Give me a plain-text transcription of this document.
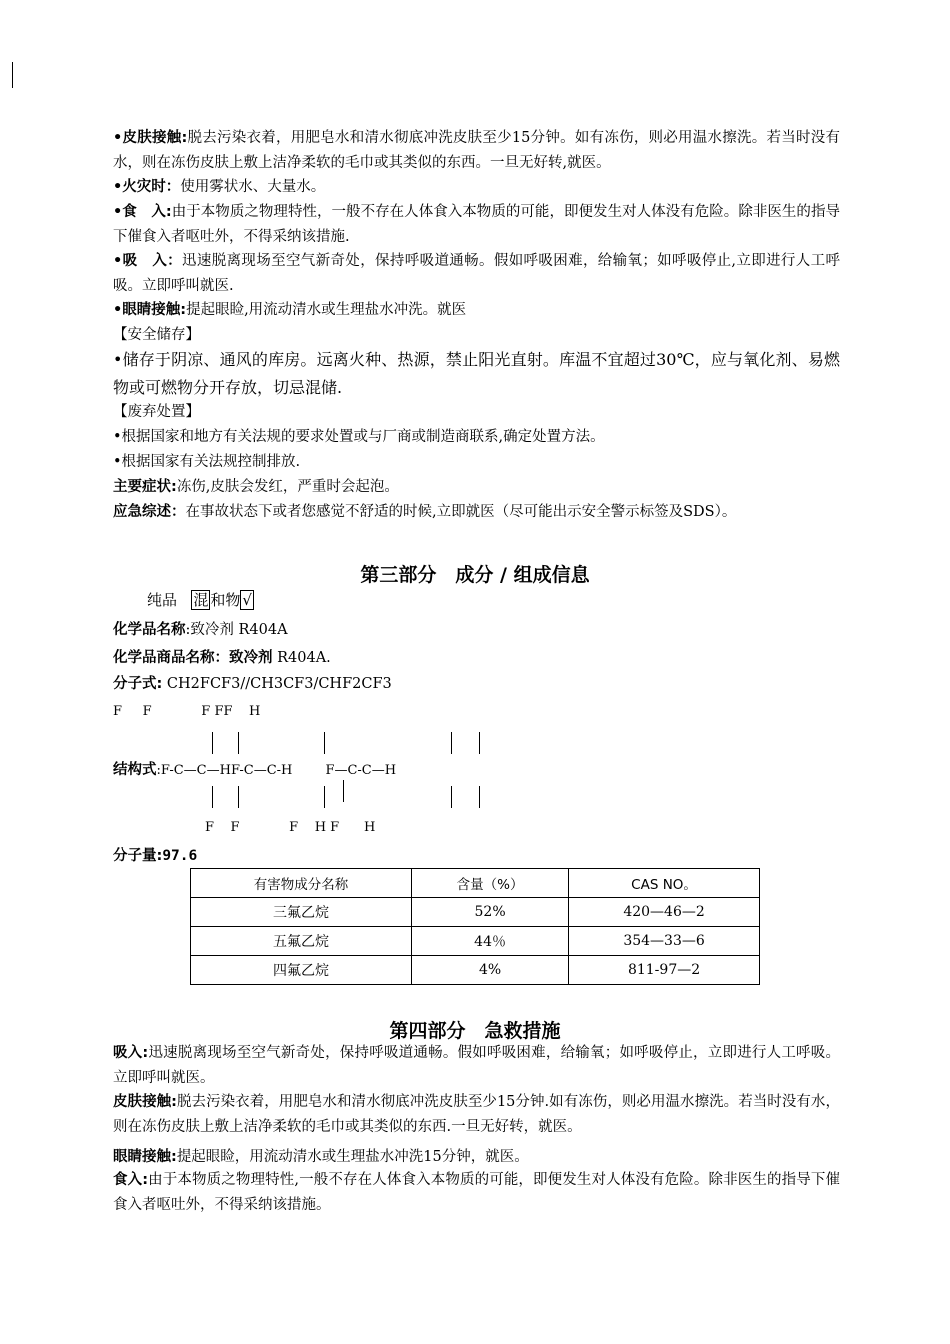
•皮肤接触:脱去污染衣着，用肥皂水和清水彻底冲洗皮肤至少15分钟。如有冻伤，则必用温水擦洗。若当时没有水，则在冻伤皮肤上敷上洁净柔软的毛巾或其类似的东西。一旦无好转,就医。
•火灾时：使用雾状水、大量水。
•食　入:由于本物质之物理特性，一般不存在人体食入本物质的可能，即便发生对人体没有危险。除非医生的指导下催食入者呕吐外，不得采纳该措施.
•吸　入：迅速脱离现场至空气新奇处，保持呼吸道通畅。假如呼吸困难，给输氧；如呼吸停止,立即进行人工呼吸。立即呼叫就医.
•眼睛接触:提起眼睑,用流动清水或生理盐水冲洗。就医
【安全储存】
•储存于阴凉、通风的库房。远离火种、热源，禁止阳光直射。库温不宜超过30℃，应与氧化剂、易燃物或可燃物分开存放，切忌混储.
【废弃处置】
•根据国家和地方有关法规的要求处置或与厂商或制造商联系,确定处置方法。
•根据国家有关法规控制排放.
主要症状:冻伤,皮肤会发红，严重时会起泡。
应急综述：在事故状态下或者您感觉不舒适的时候,立即就医（尽可能出示安全警示标签及SDS）。
第三部分　成分 / 组成信息
纯品 混 和物 √
化学品名称:致冷剂 R404A
化学品商品名称：致冷剂 R404A.
分子式: CH2FCF3//CH3CF3/CHF2CF3
F     F            F FF    H
结构式:F-C—C—HF-C—C-H        F—C-C—H
F    F            F    H F      H
分子量:97.6
有害物成分名称	含量（%）	CAS NO。
三氟乙烷	52%	420—46—2
五氟乙烷	44％	354—33—6
四氟乙烷	4%	811-97—2
第四部分　急救措施
吸入:迅速脱离现场至空气新奇处，保持呼吸道通畅。假如呼吸困难，给输氧；如呼吸停止，立即进行人工呼吸。立即呼叫就医。
皮肤接触:脱去污染衣着，用肥皂水和清水彻底冲洗皮肤至少15分钟.如有冻伤，则必用温水擦洗。若当时没有水，则在冻伤皮肤上敷上洁净柔软的毛巾或其类似的东西.一旦无好转，就医。
眼睛接触:提起眼睑，用流动清水或生理盐水冲洗15分钟，就医。
食入:由于本物质之物理特性,一般不存在人体食入本物质的可能，即便发生对人体没有危险。除非医生的指导下催食入者呕吐外，不得采纳该措施。
